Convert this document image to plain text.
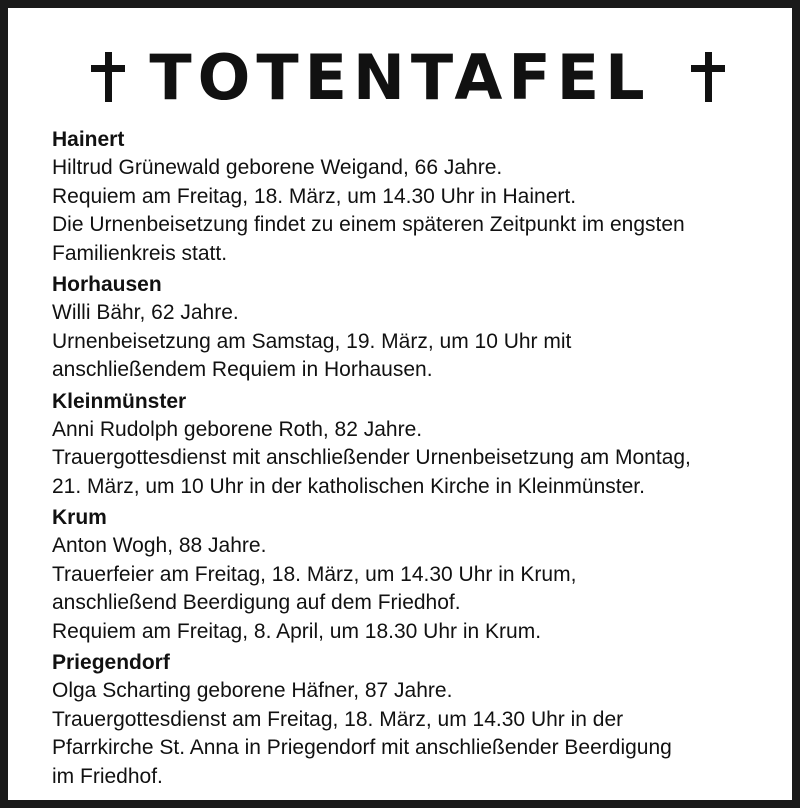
TOTENTAFEL
Hainert
Hiltrud Grünewald geborene Weigand, 66 Jahre.
Requiem am Freitag, 18. März, um 14.30 Uhr in Hainert.
Die Urnenbeisetzung findet zu einem späteren Zeitpunkt im engsten
Familienkreis statt.
Horhausen
Willi Bähr, 62 Jahre.
Urnenbeisetzung am Samstag, 19. März, um 10 Uhr mit
anschließendem Requiem in Horhausen.
Kleinmünster
Anni Rudolph geborene Roth, 82 Jahre.
Trauergottesdienst mit anschließender Urnenbeisetzung am Montag,
21. März, um 10 Uhr in der katholischen Kirche in Kleinmünster.
Krum
Anton Wogh, 88 Jahre.
Trauerfeier am Freitag, 18. März, um 14.30 Uhr in Krum,
anschließend Beerdigung auf dem Friedhof.
Requiem am Freitag, 8. April, um 18.30 Uhr in Krum.
Priegendorf
Olga Scharting geborene Häfner, 87 Jahre.
Trauergottesdienst am Freitag, 18. März, um 14.30 Uhr in der
Pfarrkirche St. Anna in Priegendorf mit anschließender Beerdigung
im Friedhof.
